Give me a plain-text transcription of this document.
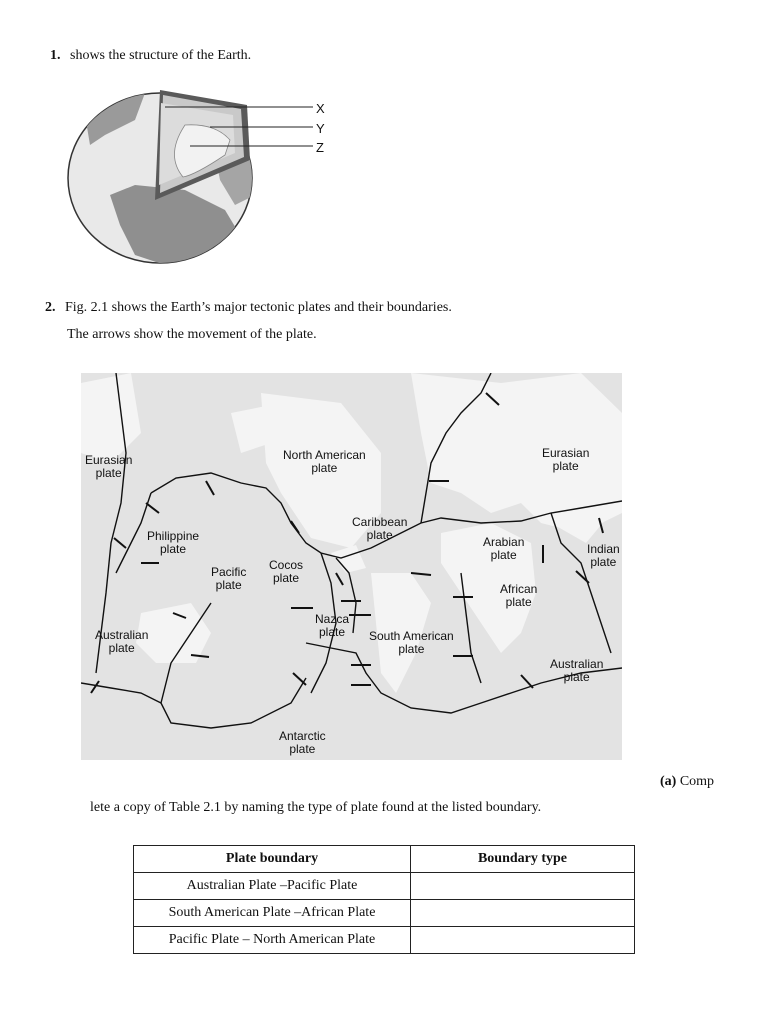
1. shows the structure of the Earth.
X
Y
Z
2. Fig. 2.1 shows the Earth’s major tectonic plates and their boundaries.
The arrows show the movement of the plate.
Eurasian
plate
North American
plate
Eurasian
plate
Caribbean
plate
Philippine
plate	Arabian
plate	Indian
plate
Pacific
plate
Cocos
plate
African
plate
Nazca
plate
Australian
plate
South American
plate
Australian
plate
Antarctic
plate
(a) Comp
lete a copy of Table 2.1 by naming the type of plate found at the listed boundary.
Plate boundary	Boundary type
Australian Plate –Pacific Plate	
South American Plate –African Plate	
Pacific Plate – North American Plate	
